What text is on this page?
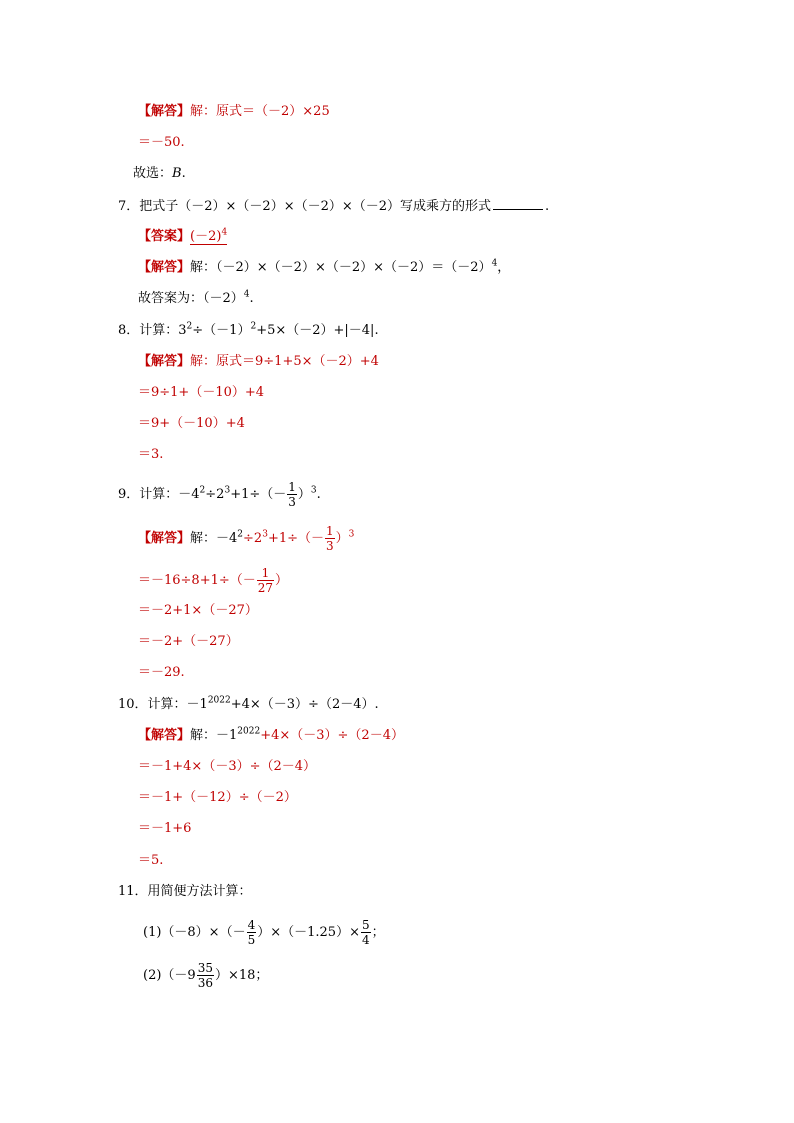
【解答】解：原式＝（－2）×25
＝－50.
故选：B.
7．把式子（－2）×（－2）×（－2）×（－2）写成乘方的形式	.
【答案】$(-2)^4$
【解答】解：$(-2)\times(-2)\times(-2)\times(-2)=(-2)^4$，
故答案为：$(-2)^4$.
8．计算：$3^2\div(-1)^2+5\times(-2)+|-4|$.
【解答】解：原式＝9÷1+5×（－2）+4
＝9÷1+（－10）+4
＝9+（－10）+4
＝3.
9．计算：$-4^2\div 2^3+1\div(- \frac{1}{3} )^3$.
【解答】解：$-4^2\div 2^3+1\div(- \frac{1}{3} )^3$
$=-16\div 8+1\div(- \frac{1}{27}$ ）
＝－2+1×（－27）
＝－2+（－27）
＝－29.
10．计算：$-1^{2022}+4\times(-3)\div(2-4)$.
【解答】解：$-1^{2022}+4\times(-3)\div(2-4)$
＝－1+4×（－3）÷（2－4）
＝－1+（－12）÷（－2）
＝－1+6
＝5.
11．用简便方法计算：
$(1)(-8)\times(- \frac{4}{5} )\times(-1.25)\times \frac{5}{4}$ ；
$(2)(-9 \frac{35}{36} )\times 18$；
